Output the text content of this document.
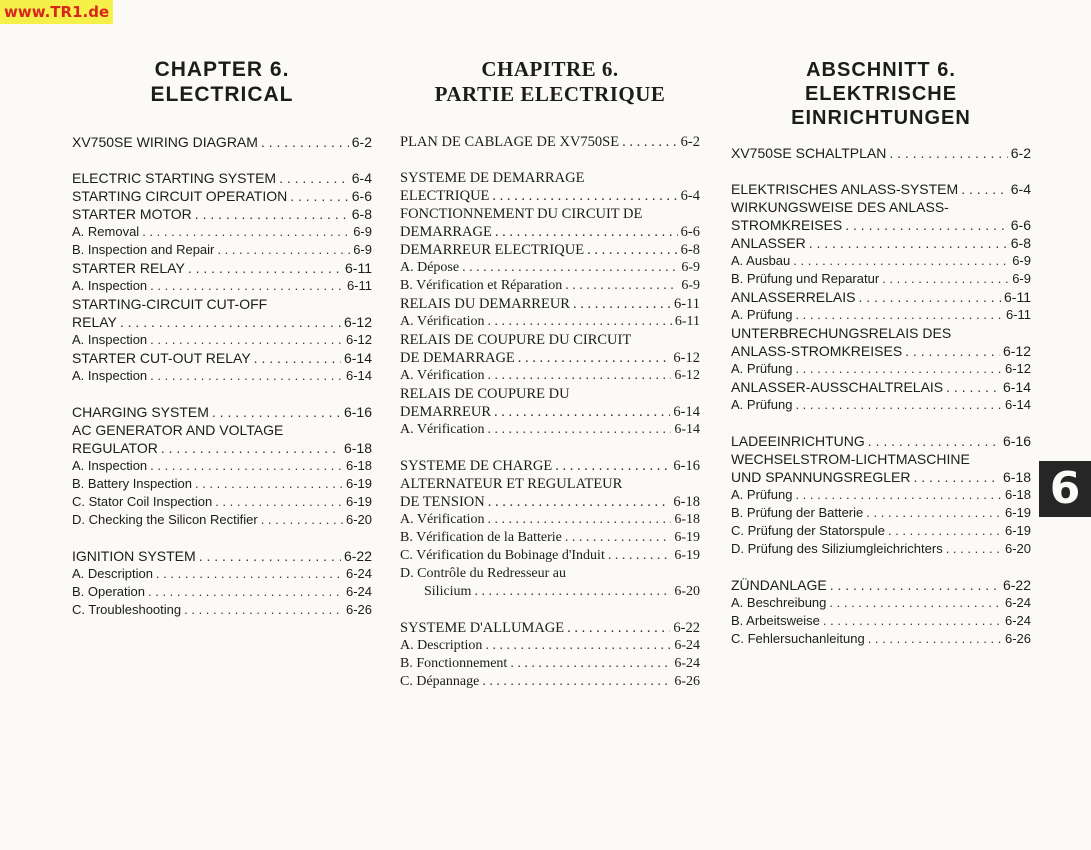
www.TR1.de
CHAPTER 6.
ELECTRICAL
XV750SE WIRING DIAGRAM . . .	6-2
ELECTRIC STARTING SYSTEM . . .	6-4
STARTING CIRCUIT OPERATION . . .	6-6
STARTER MOTOR . . .	6-8
A. Removal . . .	6-9
B. Inspection and Repair . . .	6-9
STARTER RELAY . . .	6-11
A. Inspection . . .	6-11
STARTING-CIRCUIT CUT-OFF
RELAY . . .	6-12
A. Inspection . . .	6-12
STARTER CUT-OUT RELAY . . .	6-14
A. Inspection . . .	6-14
CHARGING SYSTEM . . .	6-16
AC GENERATOR AND VOLTAGE
REGULATOR . . .	6-18
A. Inspection . . .	6-18
B. Battery Inspection . . .	6-19
C. Stator Coil Inspection . . .	6-19
D. Checking the Silicon Rectifier . . .	6-20
IGNITION SYSTEM . . .	6-22
A. Description . . .	6-24
B. Operation . . .	6-24
C. Troubleshooting . . .	6-26
CHAPITRE 6.
PARTIE ELECTRIQUE
PLAN DE CABLAGE DE XV750SE . . .	6-2
SYSTEME DE DEMARRAGE
ELECTRIQUE . . .	6-4
FONCTIONNEMENT DU CIRCUIT DE
DEMARRAGE . . .	6-6
DEMARREUR ELECTRIQUE . . .	6-8
A. Dépose . . .	6-9
B. Vérification et Réparation . . .	6-9
RELAIS DU DEMARREUR . . .	6-11
A. Vérification . . .	6-11
RELAIS DE COUPURE DU CIRCUIT
DE DEMARRAGE . . .	6-12
A. Vérification . . .	6-12
RELAIS DE COUPURE DU
DEMARREUR . . .	6-14
A. Vérification . . .	6-14
SYSTEME DE CHARGE . . .	6-16
ALTERNATEUR ET REGULATEUR
DE TENSION . . .	6-18
A. Vérification . . .	6-18
B. Vérification de la Batterie . . .	6-19
C. Vérification du Bobinage d'Induit . . .	6-19
D. Contrôle du Redresseur au
Silicium . . .	6-20
SYSTEME D'ALLUMAGE . . .	6-22
A. Description . . .	6-24
B. Fonctionnement . . .	6-24
C. Dépannage . . .	6-26
ABSCHNITT 6.
ELEKTRISCHE
EINRICHTUNGEN
XV750SE SCHALTPLAN . . .	6-2
ELEKTRISCHES ANLASS-SYSTEM . . .	6-4
WIRKUNGSWEISE DES ANLASS-
STROMKREISES . . .	6-6
ANLASSER . . .	6-8
A. Ausbau . . .	6-9
B. Prüfung und Reparatur . . .	6-9
ANLASSERRELAIS . . .	6-11
A. Prüfung . . .	6-11
UNTERBRECHUNGSRELAIS DES
ANLASS-STROMKREISES . . .	6-12
A. Prüfung . . .	6-12
ANLASSER-AUSSCHALTRELAIS . . .	6-14
A. Prüfung . . .	6-14
LADEEINRICHTUNG . . .	6-16
WECHSELSTROM-LICHTMASCHINE
UND SPANNUNGSREGLER . . .	6-18
A. Prüfung . . .	6-18
B. Prüfung der Batterie . . .	6-19
C. Prüfung der Statorspule . . .	6-19
D. Prüfung des Siliziumgleichrichters . . .	6-20
ZÜNDANLAGE . . .	6-22
A. Beschreibung . . .	6-24
B. Arbeitsweise . . .	6-24
C. Fehlersuchanleitung . . .	6-26
6
